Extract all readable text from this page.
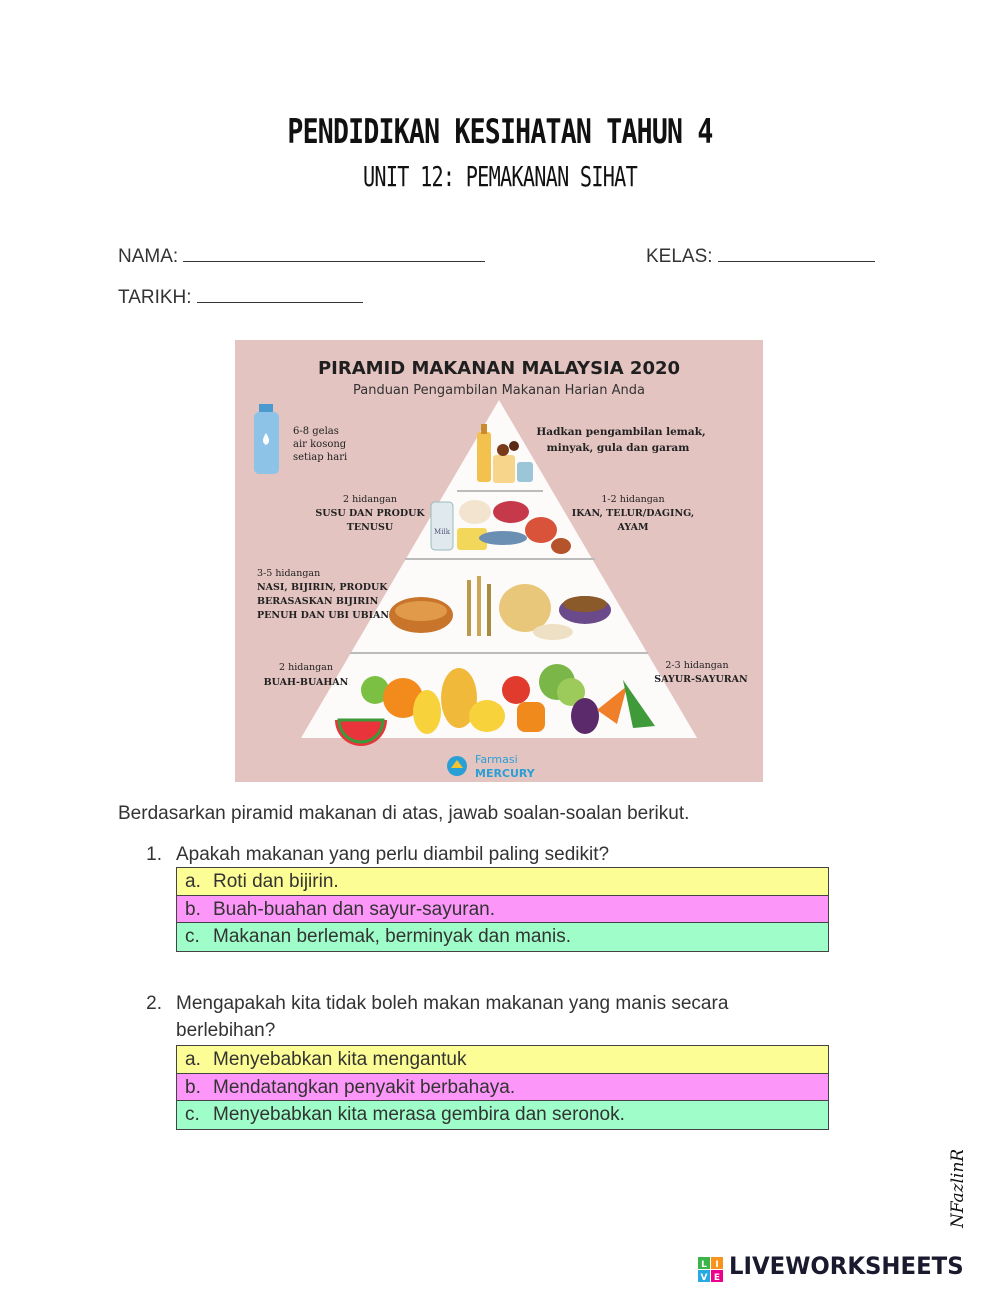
PENDIDIKAN KESIHATAN TAHUN 4
UNIT 12: PEMAKANAN SIHAT
NAMA:	KELAS:
TARIKH:
PIRAMID MAKANAN MALAYSIA 2020
Panduan Pengambilan Makanan Harian Anda
Milk
6-8 gelas
air kosong
setiap hari
Hadkan pengambilan lemak,
minyak, gula dan garam
2 hidangan
SUSU DAN PRODUK
TENUSU
1-2 hidangan
IKAN, TELUR/DAGING,
AYAM
3-5 hidangan
NASI, BIJIRIN, PRODUK
BERASASKAN BIJIRIN
PENUH DAN UBI UBIAN
2 hidangan
BUAH-BUAHAN
2-3 hidangan
SAYUR-SAYURAN
Farmasi
MERCURY
Berdasarkan piramid makanan di atas, jawab soalan-soalan berikut.
1. Apakah makanan yang perlu diambil paling sedikit?
a. Roti dan bijirin.
b. Buah-buahan dan sayur-sayuran.
c. Makanan berlemak, berminyak dan manis.
2. Mengapakah kita tidak boleh makan makanan yang manis secara
berlebihan?
a. Menyebabkan kita mengantuk
b. Mendatangkan penyakit berbahaya.
c. Menyebabkan kita merasa gembira dan seronok.
NFazlinR
L I
V E LIVEWORKSHEETS
